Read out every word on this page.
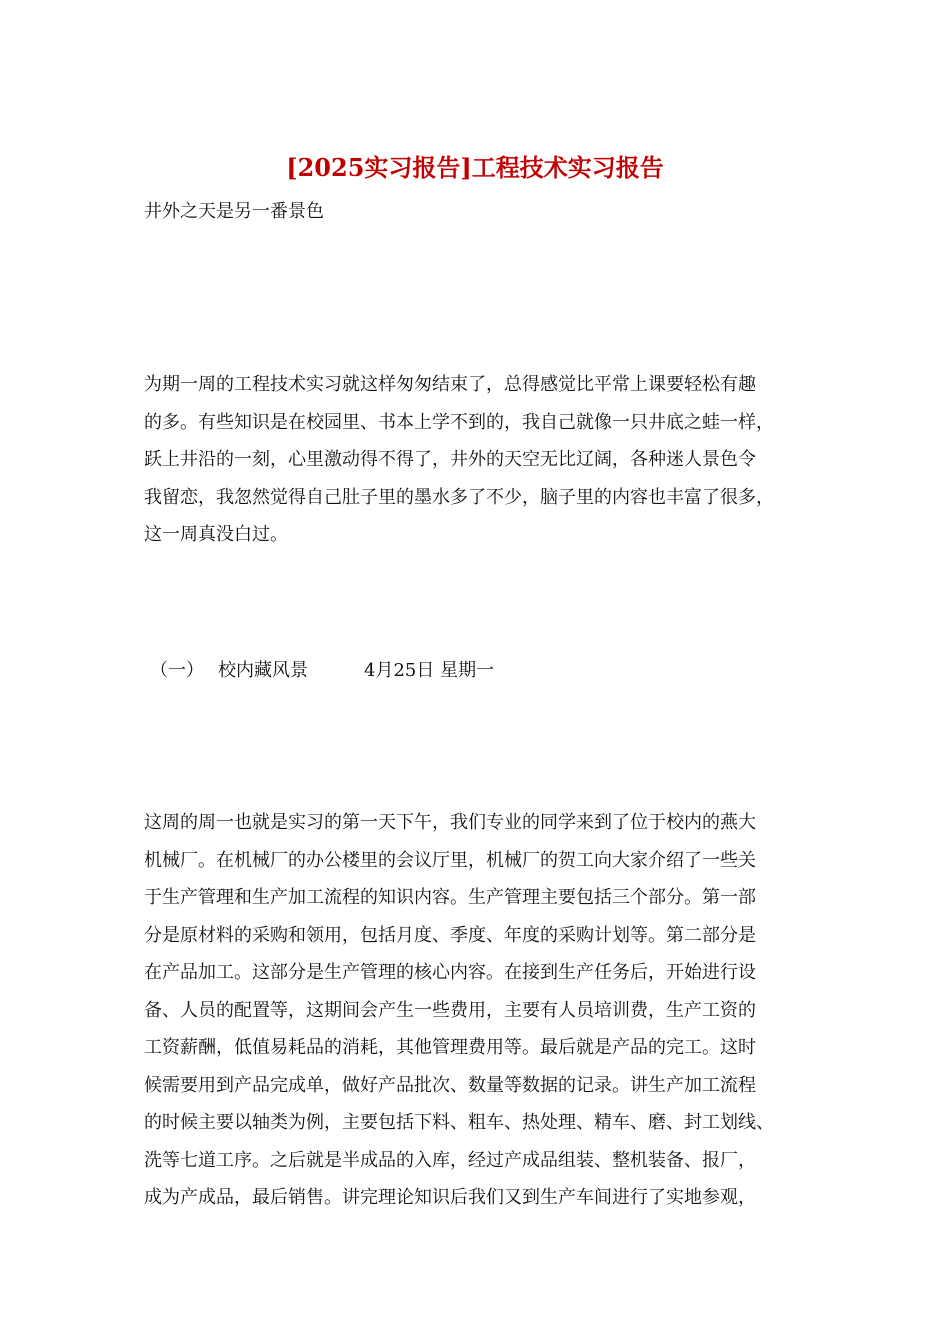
[2025实习报告]工程技术实习报告
井外之天是另一番景色
为期一周的工程技术实习就这样匆匆结束了，总得感觉比平常上课要轻松有趣
的多。有些知识是在校园里、书本上学不到的，我自己就像一只井底之蛙一样，
跃上井沿的一刻，心里激动得不得了，井外的天空无比辽阔，各种迷人景色令
我留恋，我忽然觉得自己肚子里的墨水多了不少，脑子里的内容也丰富了很多，
这一周真没白过。
（一） 校内藏风景	4月25日 星期一
这周的周一也就是实习的第一天下午，我们专业的同学来到了位于校内的燕大
机械厂。在机械厂的办公楼里的会议厅里，机械厂的贺工向大家介绍了一些关
于生产管理和生产加工流程的知识内容。生产管理主要包括三个部分。第一部
分是原材料的采购和领用，包括月度、季度、年度的采购计划等。第二部分是
在产品加工。这部分是生产管理的核心内容。在接到生产任务后，开始进行设
备、人员的配置等，这期间会产生一些费用，主要有人员培训费，生产工资的
工资薪酬，低值易耗品的消耗，其他管理费用等。最后就是产品的完工。这时
候需要用到产品完成单，做好产品批次、数量等数据的记录。讲生产加工流程
的时候主要以轴类为例，主要包括下料、粗车、热处理、精车、磨、封工划线、
洗等七道工序。之后就是半成品的入库，经过产成品组装、整机装备、报厂，
成为产成品，最后销售。讲完理论知识后我们又到生产车间进行了实地参观，
